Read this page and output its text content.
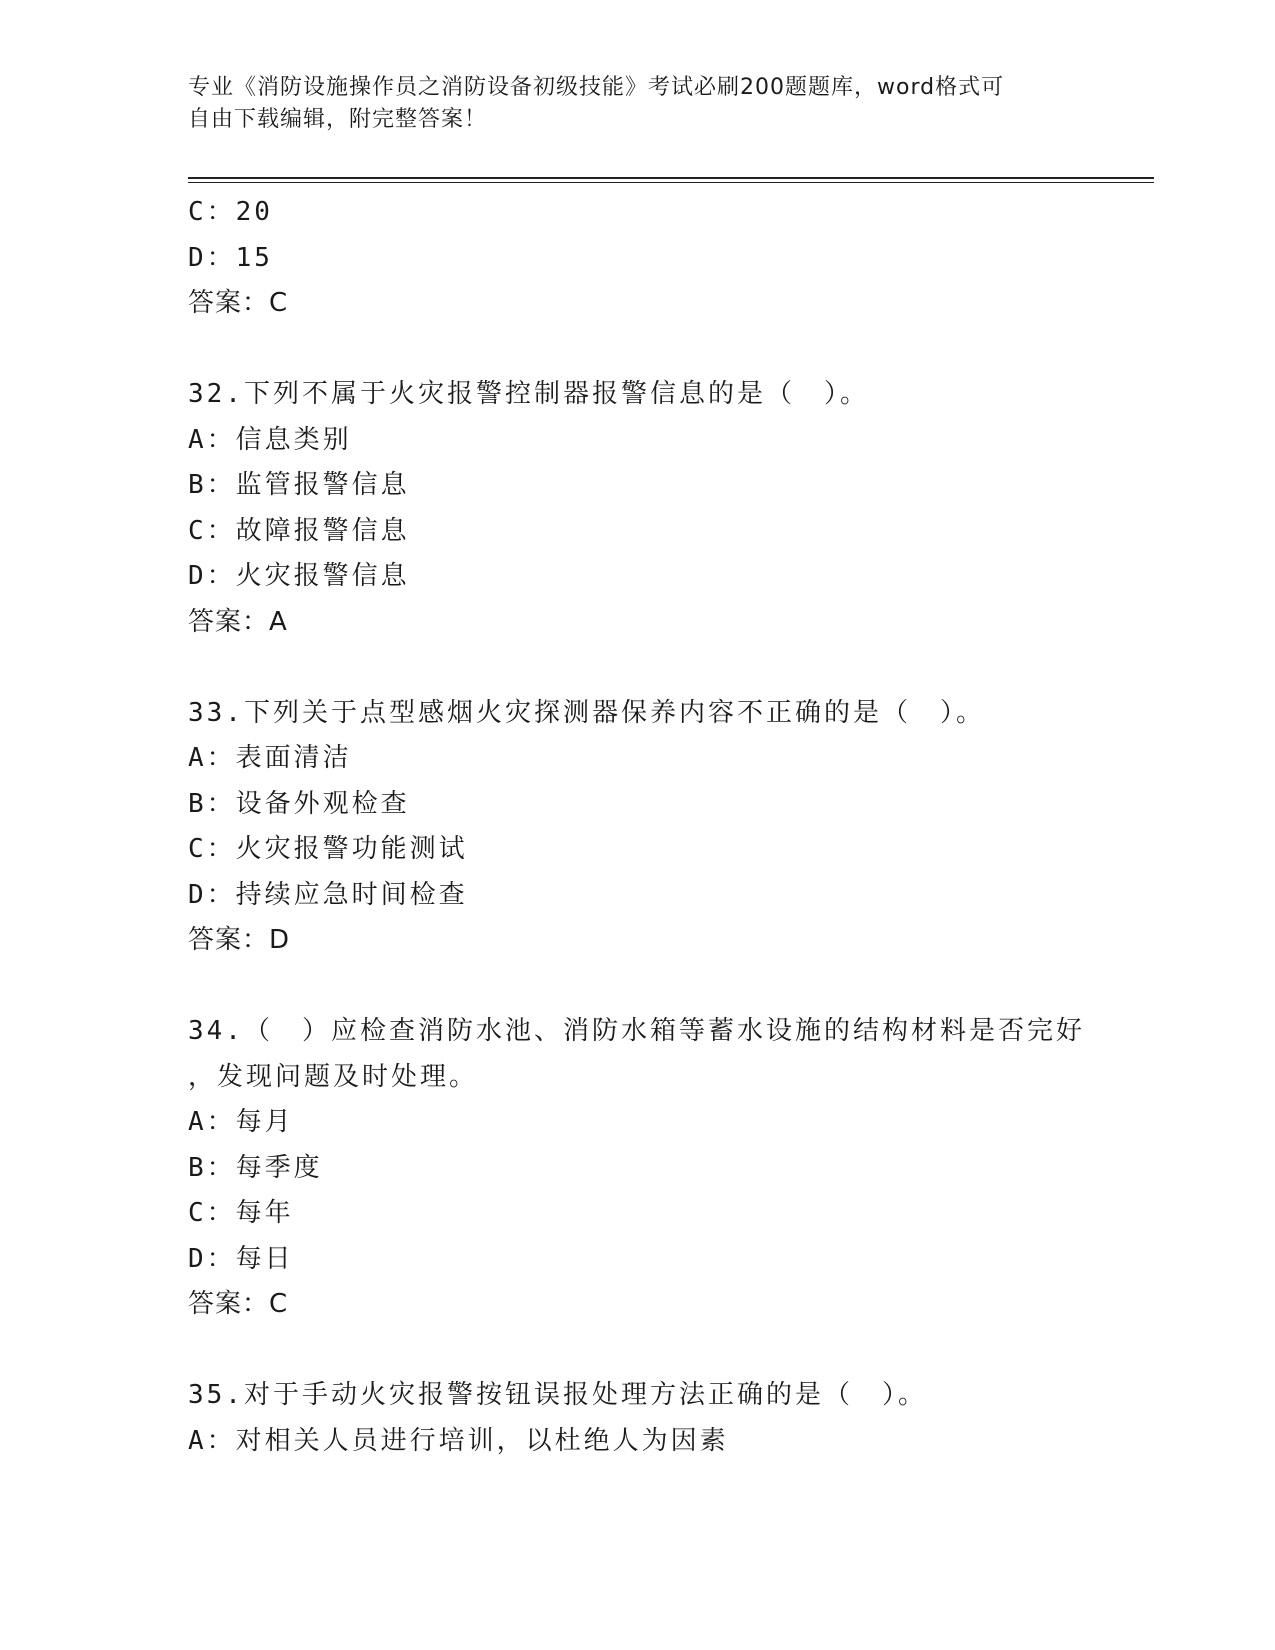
专业《消防设施操作员之消防设备初级技能》考试必刷200题题库，word格式可
自由下载编辑，附完整答案！
C：20
D：15
答案：C
32.下列不属于火灾报警控制器报警信息的是（　）。
A：信息类别
B：监管报警信息
C：故障报警信息
D：火灾报警信息
答案：A
33.下列关于点型感烟火灾探测器保养内容不正确的是（　）。
A：表面清洁
B：设备外观检查
C：火灾报警功能测试
D：持续应急时间检查
答案：D
34.（　）应检查消防水池、消防水箱等蓄水设施的结构材料是否完好
，发现问题及时处理。
A：每月
B：每季度
C：每年
D：每日
答案：C
35.对于手动火灾报警按钮误报处理方法正确的是（　）。
A：对相关人员进行培训，以杜绝人为因素
